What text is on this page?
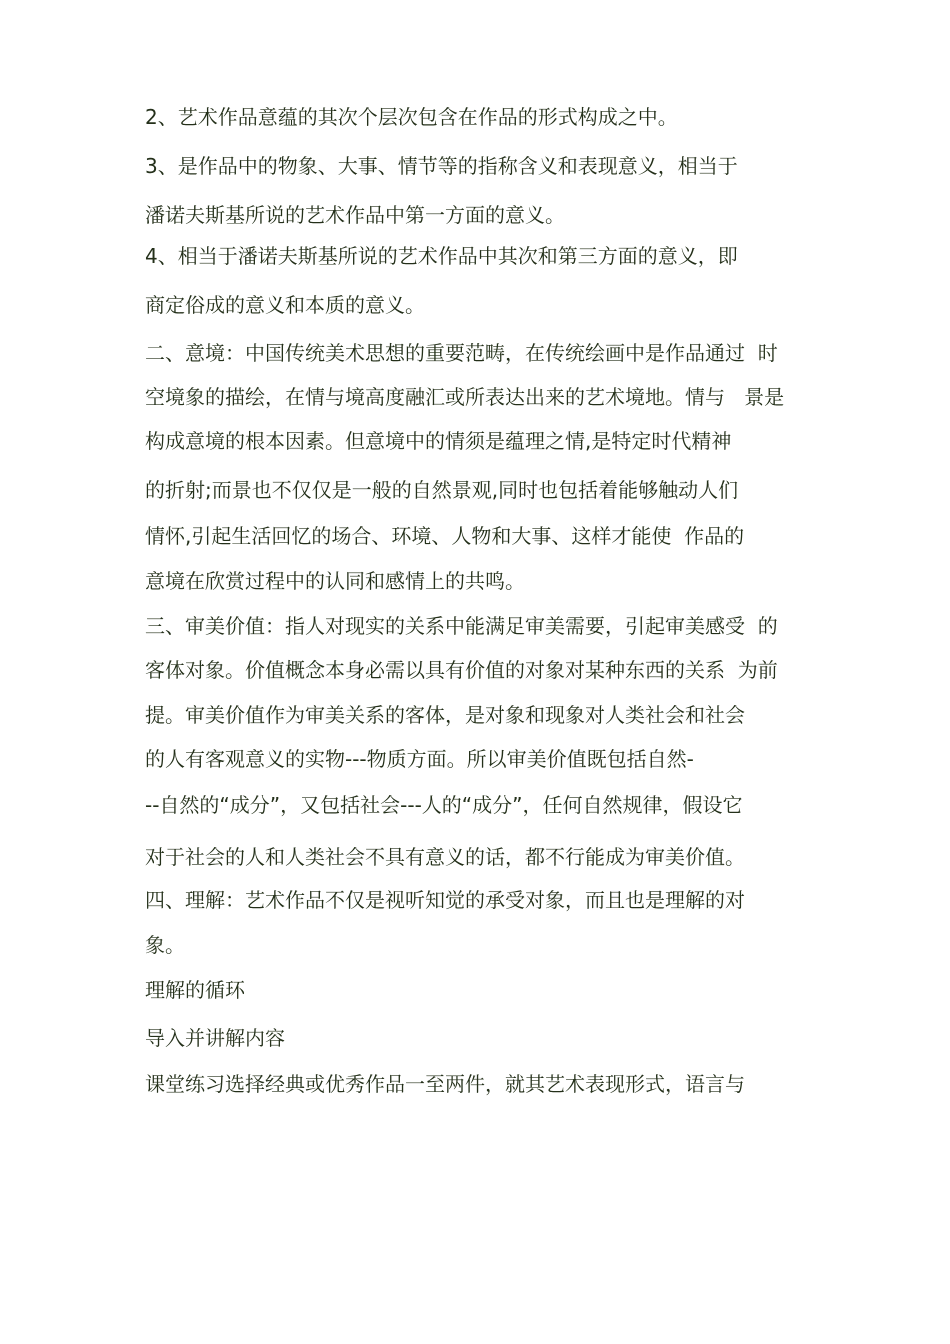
2、艺术作品意蕴的其次个层次包含在作品的形式构成之中。
3、是作品中的物象、大事、情节等的指称含义和表现意义，相当于
潘诺夫斯基所说的艺术作品中第一方面的意义。
4、相当于潘诺夫斯基所说的艺术作品中其次和第三方面的意义，即
商定俗成的意义和本质的意义。
二、意境：中国传统美术思想的重要范畴，在传统绘画中是作品通过  时
空境象的描绘，在情与境高度融汇或所表达出来的艺术境地。情与   景是
构成意境的根本因素。但意境中的情须是蕴理之情,是特定时代精神
的折射;而景也不仅仅是一般的自然景观,同时也包括着能够触动人们
情怀,引起生活回忆的场合、环境、人物和大事、这样才能使  作品的
意境在欣赏过程中的认同和感情上的共鸣。
三、审美价值：指人对现实的关系中能满足审美需要，引起审美感受  的
客体对象。价值概念本身必需以具有价值的对象对某种东西的关系  为前
提。审美价值作为审美关系的客体，是对象和现象对人类社会和社会
的人有客观意义的实物---物质方面。所以审美价值既包括自然-
--自然的“成分”，又包括社会---人的“成分”，任何自然规律，假设它
对于社会的人和人类社会不具有意义的话，都不行能成为审美价值。
四、理解：艺术作品不仅是视听知觉的承受对象，而且也是理解的对
象。
理解的循环
导入并讲解内容
课堂练习选择经典或优秀作品一至两件，就其艺术表现形式，语言与
